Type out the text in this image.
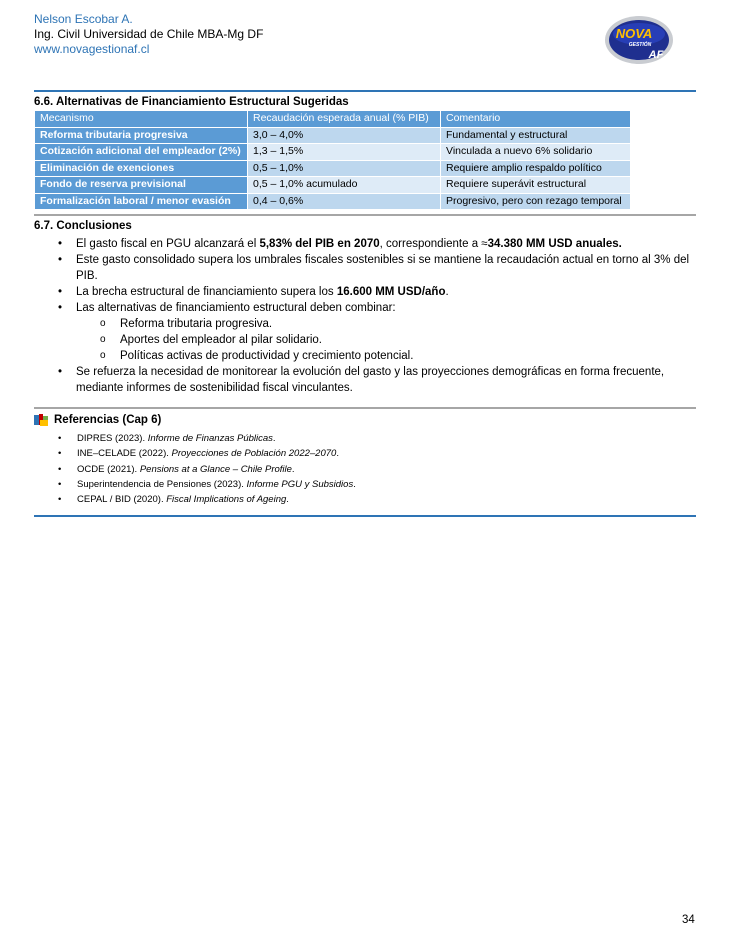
Nelson Escobar A.
Ing. Civil Universidad de Chile MBA-Mg DF
www.novagestionaf.cl
NOVA
GESTIÓN
AF
6.6. Alternativas de Financiamiento Estructural Sugeridas
Mecanismo	Recaudación esperada anual (% PIB)	Comentario
Reforma tributaria progresiva	3,0 – 4,0%	Fundamental y estructural
Cotización adicional del empleador (2%)	1,3 – 1,5%	Vinculada a nuevo 6% solidario
Eliminación de exenciones	0,5 – 1,0%	Requiere amplio respaldo político
Fondo de reserva previsional	0,5 – 1,0% acumulado	Requiere superávit estructural
Formalización laboral / menor evasión	0,4 – 0,6%	Progresivo, pero con rezago temporal
6.7. Conclusiones
• El gasto fiscal en PGU alcanzará el 5,83% del PIB en 2070, correspondiente a ≈34.380 MM USD anuales.
• Este gasto consolidado supera los umbrales fiscales sostenibles si se mantiene la recaudación actual en torno al 3% del PIB.
• La brecha estructural de financiamiento supera los 16.600 MM USD/año.
• Las alternativas de financiamiento estructural deben combinar:
o Reforma tributaria progresiva.
o Aportes del empleador al pilar solidario.
o Políticas activas de productividad y crecimiento potencial.
• Se refuerza la necesidad de monitorear la evolución del gasto y las proyecciones demográficas en forma frecuente, mediante informes de sostenibilidad fiscal vinculantes.
Referencias (Cap 6)
• DIPRES (2023). Informe de Finanzas Públicas.
• INE–CELADE (2022). Proyecciones de Población 2022–2070.
• OCDE (2021). Pensions at a Glance – Chile Profile.
• Superintendencia de Pensiones (2023). Informe PGU y Subsidios.
• CEPAL / BID (2020). Fiscal Implications of Ageing.
34
